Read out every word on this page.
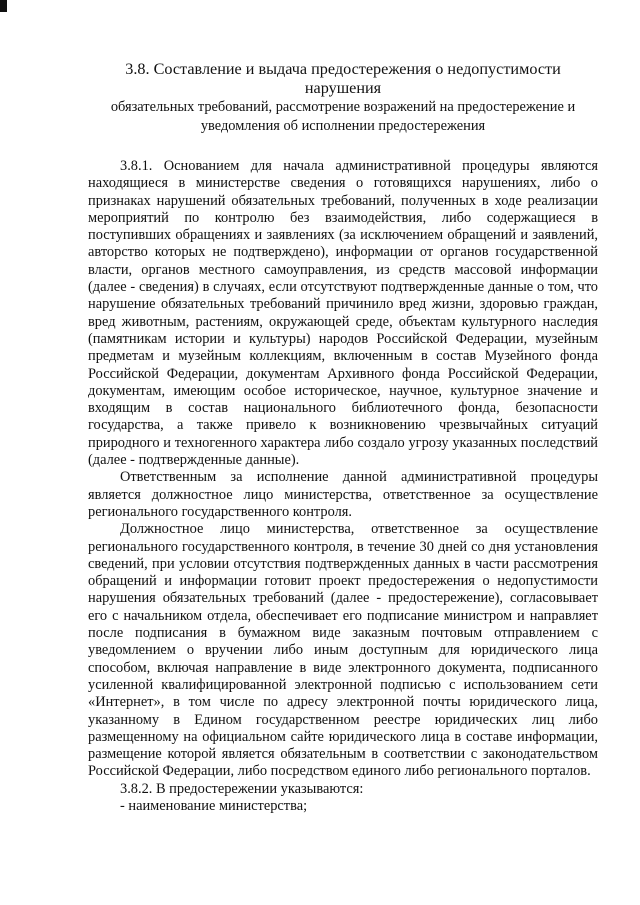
3.8. Составление и выдача предостережения о недопустимости нарушения
обязательных требований, рассмотрение возражений на предостережение и
уведомления об исполнении предостережения

3.8.1. Основанием для начала административной процедуры являются находящиеся в министерстве сведения о готовящихся нарушениях, либо о признаках нарушений обязательных требований, полученных в ходе реализации мероприятий по контролю без взаимодействия, либо содержащиеся в поступивших обращениях и заявлениях (за исключением обращений и заявлений, авторство которых не подтверждено), информации от органов государственной власти, органов местного самоуправления, из средств массовой информации (далее - сведения) в случаях, если отсутствуют подтвержденные данные о том, что нарушение обязательных требований причинило вред жизни, здоровью граждан, вред животным, растениям, окружающей среде, объектам культурного наследия (памятникам истории и культуры) народов Российской Федерации, музейным предметам и музейным коллекциям, включенным в состав Музейного фонда Российской Федерации, документам Архивного фонда Российской Федерации, документам, имеющим особое историческое, научное, культурное значение и входящим в состав национального библиотечного фонда, безопасности государства, а также привело к возникновению чрезвычайных ситуаций природного и техногенного характера либо создало угрозу указанных последствий (далее - подтвержденные данные).

Ответственным за исполнение данной административной процедуры является должностное лицо министерства, ответственное за осуществление регионального государственного контроля.

Должностное лицо министерства, ответственное за осуществление регионального государственного контроля, в течение 30 дней со дня установления сведений, при условии отсутствия подтвержденных данных в части рассмотрения обращений и информации готовит проект предостережения о недопустимости нарушения обязательных требований (далее - предостережение), согласовывает его с начальником отдела, обеспечивает его подписание министром и направляет после подписания в бумажном виде заказным почтовым отправлением с уведомлением о вручении либо иным доступным для юридического лица способом, включая направление в виде электронного документа, подписанного усиленной квалифицированной электронной подписью с использованием сети «Интернет», в том числе по адресу электронной почты юридического лица, указанному в Едином государственном реестре юридических лиц либо размещенному на официальном сайте юридического лица в составе информации, размещение которой является обязательным в соответствии с законодательством Российской Федерации, либо посредством единого либо регионального порталов.

3.8.2. В предостережении указываются:

- наименование министерства;
